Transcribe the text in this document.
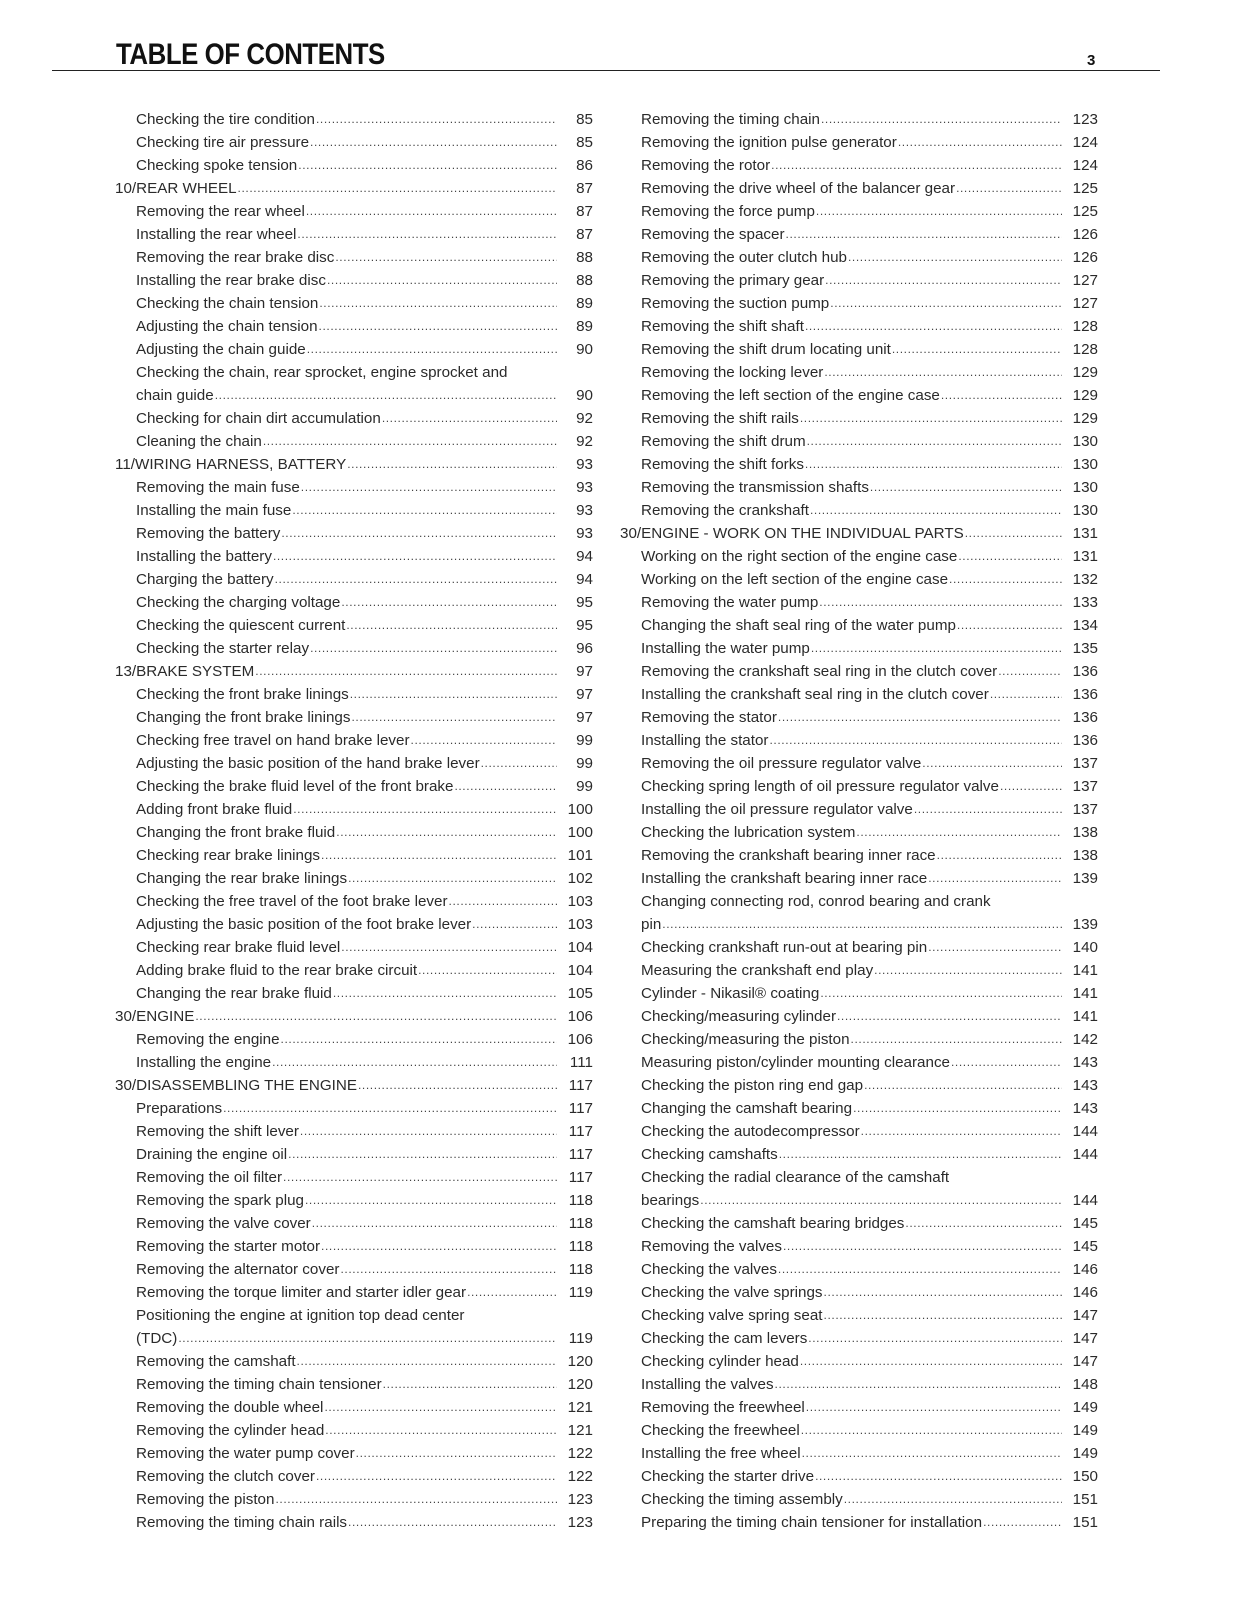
TABLE OF CONTENTS	3
Checking the tire condition .....	85
Checking tire air pressure .....	85
Checking spoke tension .....	86
10/REAR WHEEL .....	87
Removing the rear wheel .....	87
Installing the rear wheel .....	87
Removing the rear brake disc .....	88
Installing the rear brake disc .....	88
Checking the chain tension .....	89
Adjusting the chain tension .....	89
Adjusting the chain guide .....	90
Checking the chain, rear sprocket, engine sprocket and
chain guide .....	90
Checking for chain dirt accumulation .....	92
Cleaning the chain .....	92
11/WIRING HARNESS, BATTERY .....	93
Removing the main fuse .....	93
Installing the main fuse .....	93
Removing the battery .....	93
Installing the battery .....	94
Charging the battery .....	94
Checking the charging voltage .....	95
Checking the quiescent current .....	95
Checking the starter relay .....	96
13/BRAKE SYSTEM .....	97
Checking the front brake linings .....	97
Changing the front brake linings .....	97
Checking free travel on hand brake lever .....	99
Adjusting the basic position of the hand brake lever .....	99
Checking the brake fluid level of the front brake .....	99
Adding front brake fluid .....	100
Changing the front brake fluid .....	100
Checking rear brake linings .....	101
Changing the rear brake linings .....	102
Checking the free travel of the foot brake lever .....	103
Adjusting the basic position of the foot brake lever .....	103
Checking rear brake fluid level .....	104
Adding brake fluid to the rear brake circuit .....	104
Changing the rear brake fluid .....	105
30/ENGINE .....	106
Removing the engine .....	106
Installing the engine .....	111
30/DISASSEMBLING THE ENGINE .....	117
Preparations .....	117
Removing the shift lever .....	117
Draining the engine oil .....	117
Removing the oil filter .....	117
Removing the spark plug .....	118
Removing the valve cover .....	118
Removing the starter motor .....	118
Removing the alternator cover .....	118
Removing the torque limiter and starter idler gear .....	119
Positioning the engine at ignition top dead center
(TDC) .....	119
Removing the camshaft .....	120
Removing the timing chain tensioner .....	120
Removing the double wheel .....	121
Removing the cylinder head .....	121
Removing the water pump cover .....	122
Removing the clutch cover .....	122
Removing the piston .....	123
Removing the timing chain rails .....	123
Removing the timing chain .....	123
Removing the ignition pulse generator .....	124
Removing the rotor .....	124
Removing the drive wheel of the balancer gear .....	125
Removing the force pump .....	125
Removing the spacer .....	126
Removing the outer clutch hub .....	126
Removing the primary gear .....	127
Removing the suction pump .....	127
Removing the shift shaft .....	128
Removing the shift drum locating unit .....	128
Removing the locking lever .....	129
Removing the left section of the engine case .....	129
Removing the shift rails .....	129
Removing the shift drum .....	130
Removing the shift forks .....	130
Removing the transmission shafts .....	130
Removing the crankshaft .....	130
30/ENGINE - WORK ON THE INDIVIDUAL PARTS .....	131
Working on the right section of the engine case .....	131
Working on the left section of the engine case .....	132
Removing the water pump .....	133
Changing the shaft seal ring of the water pump .....	134
Installing the water pump .....	135
Removing the crankshaft seal ring in the clutch cover .....	136
Installing the crankshaft seal ring in the clutch cover .....	136
Removing the stator .....	136
Installing the stator .....	136
Removing the oil pressure regulator valve .....	137
Checking spring length of oil pressure regulator valve .....	137
Installing the oil pressure regulator valve .....	137
Checking the lubrication system .....	138
Removing the crankshaft bearing inner race .....	138
Installing the crankshaft bearing inner race .....	139
Changing connecting rod, conrod bearing and crank
pin .....	139
Checking crankshaft run-out at bearing pin .....	140
Measuring the crankshaft end play .....	141
Cylinder - Nikasil® coating .....	141
Checking/measuring cylinder .....	141
Checking/measuring the piston .....	142
Measuring piston/cylinder mounting clearance .....	143
Checking the piston ring end gap .....	143
Changing the camshaft bearing .....	143
Checking the autodecompressor .....	144
Checking camshafts .....	144
Checking the radial clearance of the camshaft
bearings .....	144
Checking the camshaft bearing bridges .....	145
Removing the valves .....	145
Checking the valves .....	146
Checking the valve springs .....	146
Checking valve spring seat .....	147
Checking the cam levers .....	147
Checking cylinder head .....	147
Installing the valves .....	148
Removing the freewheel .....	149
Checking the freewheel .....	149
Installing the free wheel .....	149
Checking the starter drive .....	150
Checking the timing assembly .....	151
Preparing the timing chain tensioner for installation .....	151
